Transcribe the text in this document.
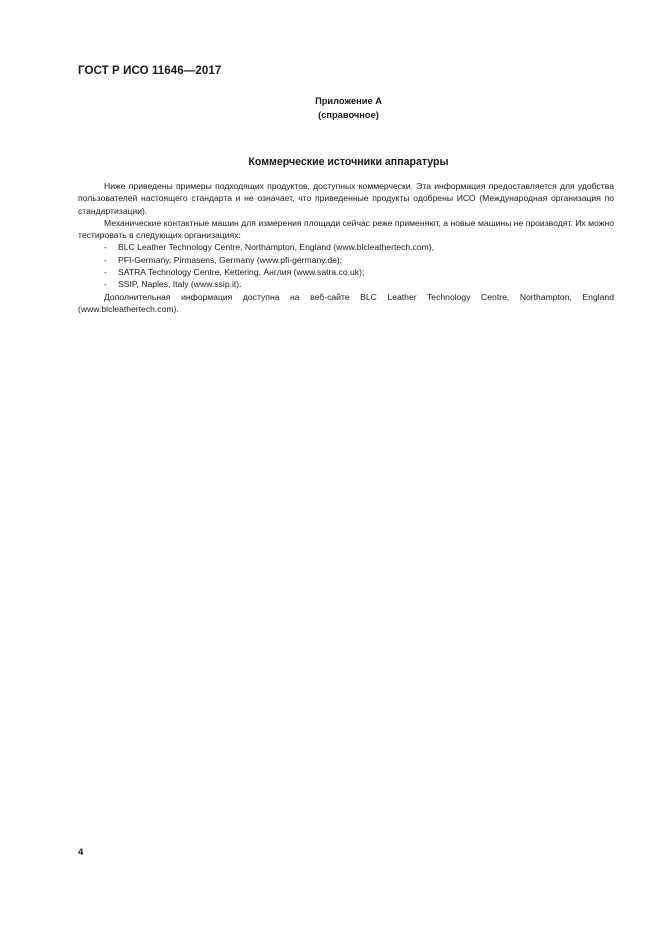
ГОСТ Р ИСО 11646—2017
Приложение А
(справочное)
Коммерческие источники аппаратуры

Ниже приведены примеры подходящих продуктов, доступных коммерчески. Эта информация предоставляется для удобства пользователей настоящего стандарта и не означает, что приведенные продукты одобрены ИСО (Международная организация по стандартизации).

Механические контактные машин для измерения площади сейчас реже применяют, а новые машины не производят. Их можно тестировать в следующих организациях:

- BLC Leather Technology Centre, Northampton, England (www.blcleathertech.com),
- PFI-Germany, Pirmasens, Germany (www.pfi-germany.de);
- SATRA Technology Centre, Kettering, Англия (www.satra.co.uk);
- SSIP, Naples, Italy (www.ssip.it).

Дополнительная информация доступна на веб-сайте BLC Leather Technology Centre, Northampton, England (www.blcleathertech.com).

4
